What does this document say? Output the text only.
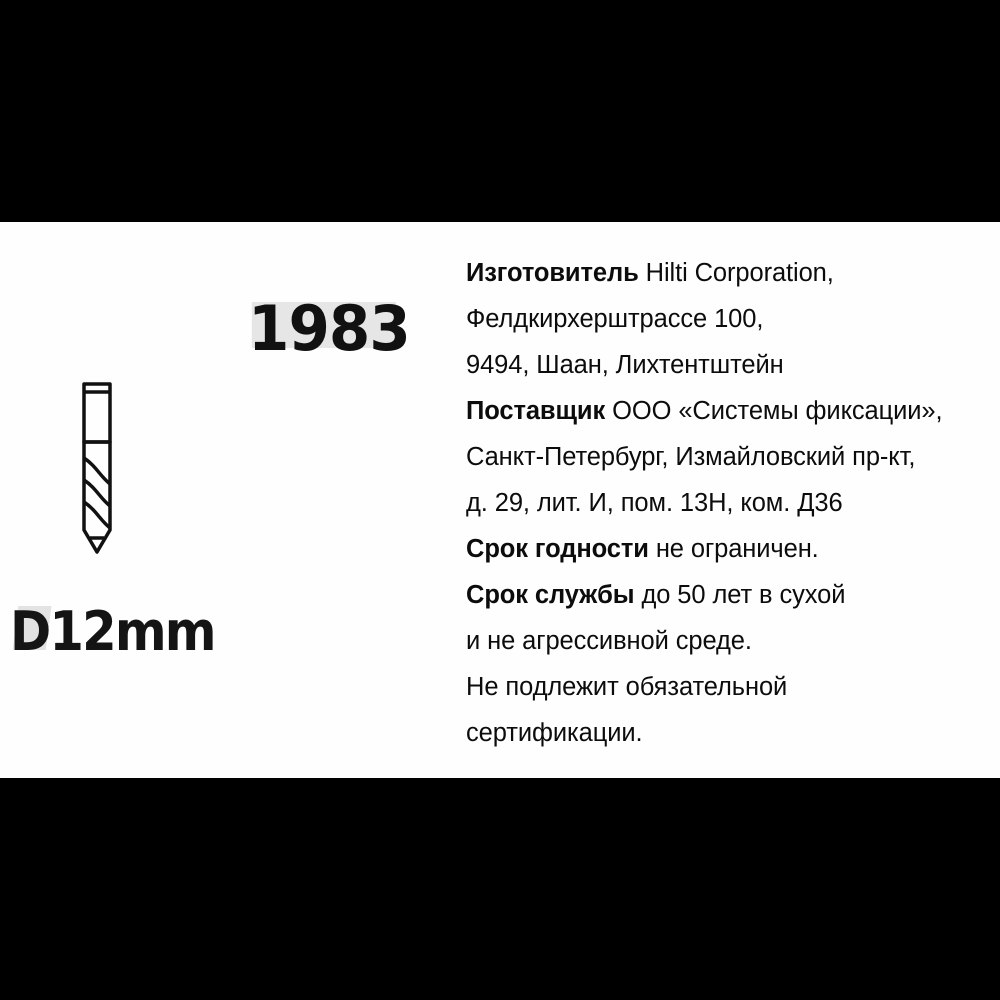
1983
D12mm
Изготовитель Hilti Corporation,
Фелдкирхерштрассе 100,
9494, Шаан, Лихтентштейн
Поставщик ООО «Системы фиксации»,
Санкт-Петербург, Измайловский пр-кт,
д. 29, лит. И, пом. 13Н, ком. Д36
Срок годности не ограничен.
Срок службы до 50 лет в сухой
и не агрессивной среде.
Не подлежит обязательной
сертификации.
